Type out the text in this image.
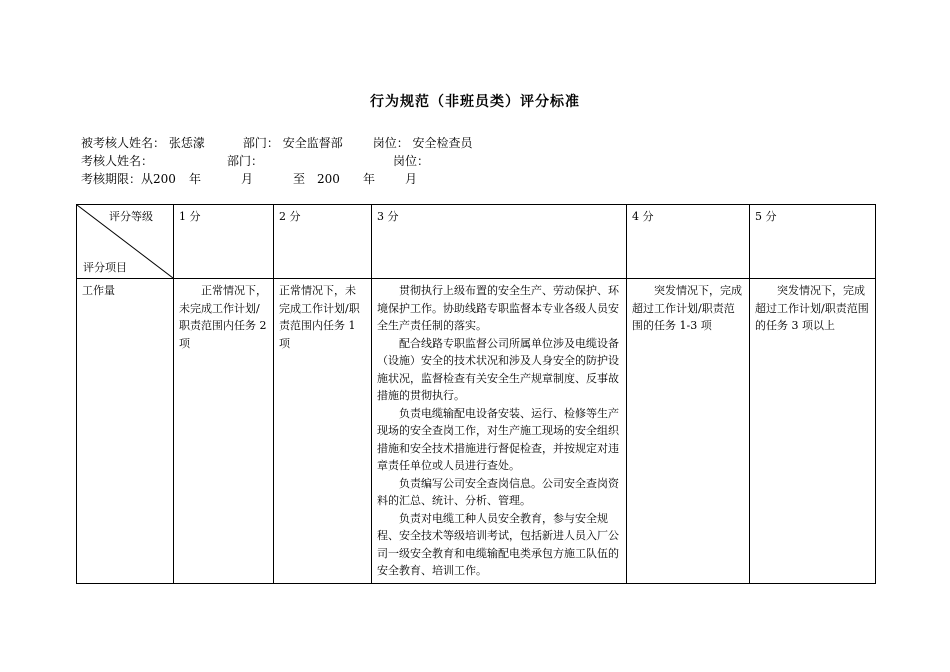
行为规范（非班员类）评分标准
被考核人姓名： 张恁濛	部门： 安全监督部 岗位： 安全检查员
考核人姓名：	部门：	岗位：
考核期限：从200 年	月	至 200 年 月
评分等级
评分项目	1 分	2 分	3 分	4 分	5 分
工作量	正常情况下，未完成工作计划/职责范围内任务 2 项	正常情况下，未完成工作计划/职责范围内任务 1 项	贯彻执行上级布置的安全生产、劳动保护、环境保护工作。协助线路专职监督本专业各级人员安全生产责任制的落实。

配合线路专职监督公司所属单位涉及电缆设备（设施）安全的技术状况和涉及人身安全的防护设施状况，监督检查有关安全生产规章制度、反事故措施的贯彻执行。

负责电缆输配电设备安装、运行、检修等生产现场的安全查岗工作，对生产施工现场的安全组织措施和安全技术措施进行督促检查，并按规定对违章责任单位或人员进行查处。

负责编写公司安全查岗信息。公司安全查岗资料的汇总、统计、分析、管理。

负责对电缆工种人员安全教育，参与安全规程、安全技术等级培训考试，包括新进人员入厂公司一级安全教育和电缆输配电类承包方施工队伍的安全教育、培训工作。	突发情况下，完成超过工作计划/职责范围的任务 1-3 项	突发情况下，完成超过工作计划/职责范围的任务 3 项以上
